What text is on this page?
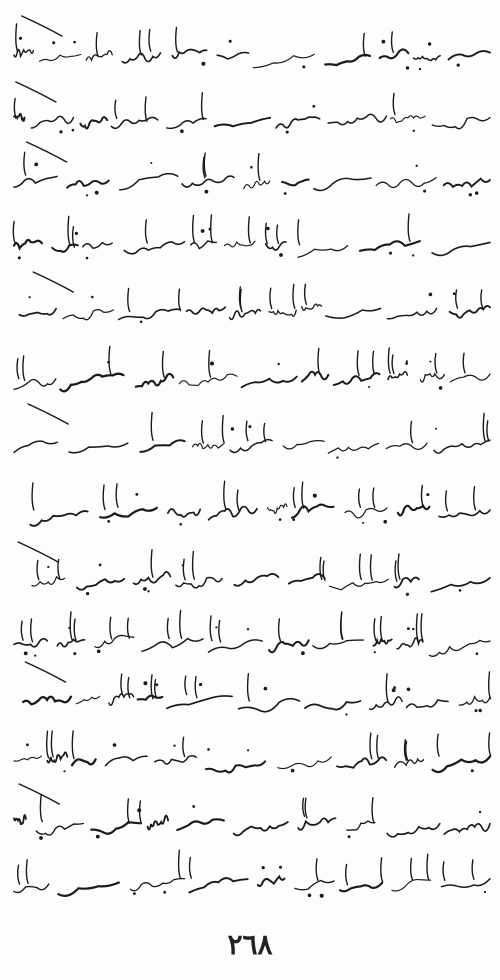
٢٦٨
